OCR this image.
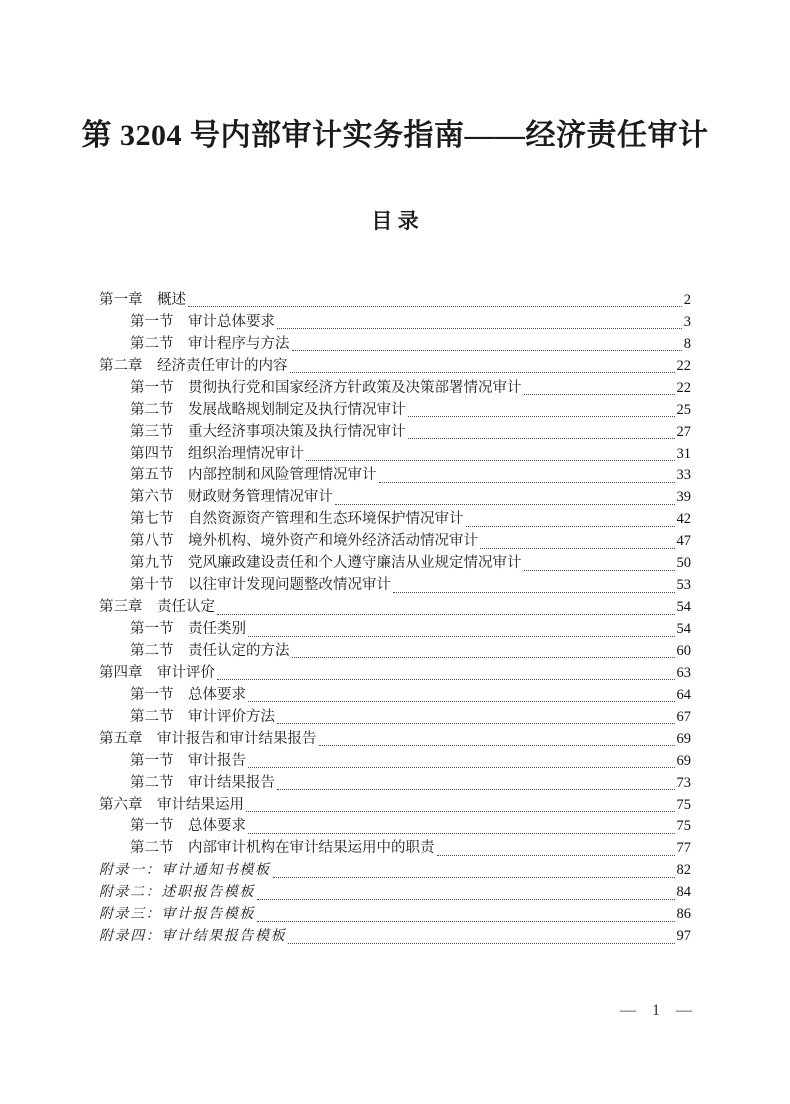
第 3204 号内部审计实务指南——经济责任审计
目 录
第一章　概述	2
第一节　审计总体要求	3
第二节　审计程序与方法	8
第二章　经济责任审计的内容	22
第一节　贯彻执行党和国家经济方针政策及决策部署情况审计	22
第二节　发展战略规划制定及执行情况审计	25
第三节　重大经济事项决策及执行情况审计	27
第四节　组织治理情况审计	31
第五节　内部控制和风险管理情况审计	33
第六节　财政财务管理情况审计	39
第七节　自然资源资产管理和生态环境保护情况审计	42
第八节　境外机构、境外资产和境外经济活动情况审计	47
第九节　党风廉政建设责任和个人遵守廉洁从业规定情况审计	50
第十节　以往审计发现问题整改情况审计	53
第三章　责任认定	54
第一节　责任类别	54
第二节　责任认定的方法	60
第四章　审计评价	63
第一节　总体要求	64
第二节　审计评价方法	67
第五章　审计报告和审计结果报告	69
第一节　审计报告	69
第二节　审计结果报告	73
第六章　审计结果运用	75
第一节　总体要求	75
第二节　内部审计机构在审计结果运用中的职责	77
附录一：审计通知书模板	82
附录二：述职报告模板	84
附录三：审计报告模板	86
附录四：审计结果报告模板	97
— 1 —
